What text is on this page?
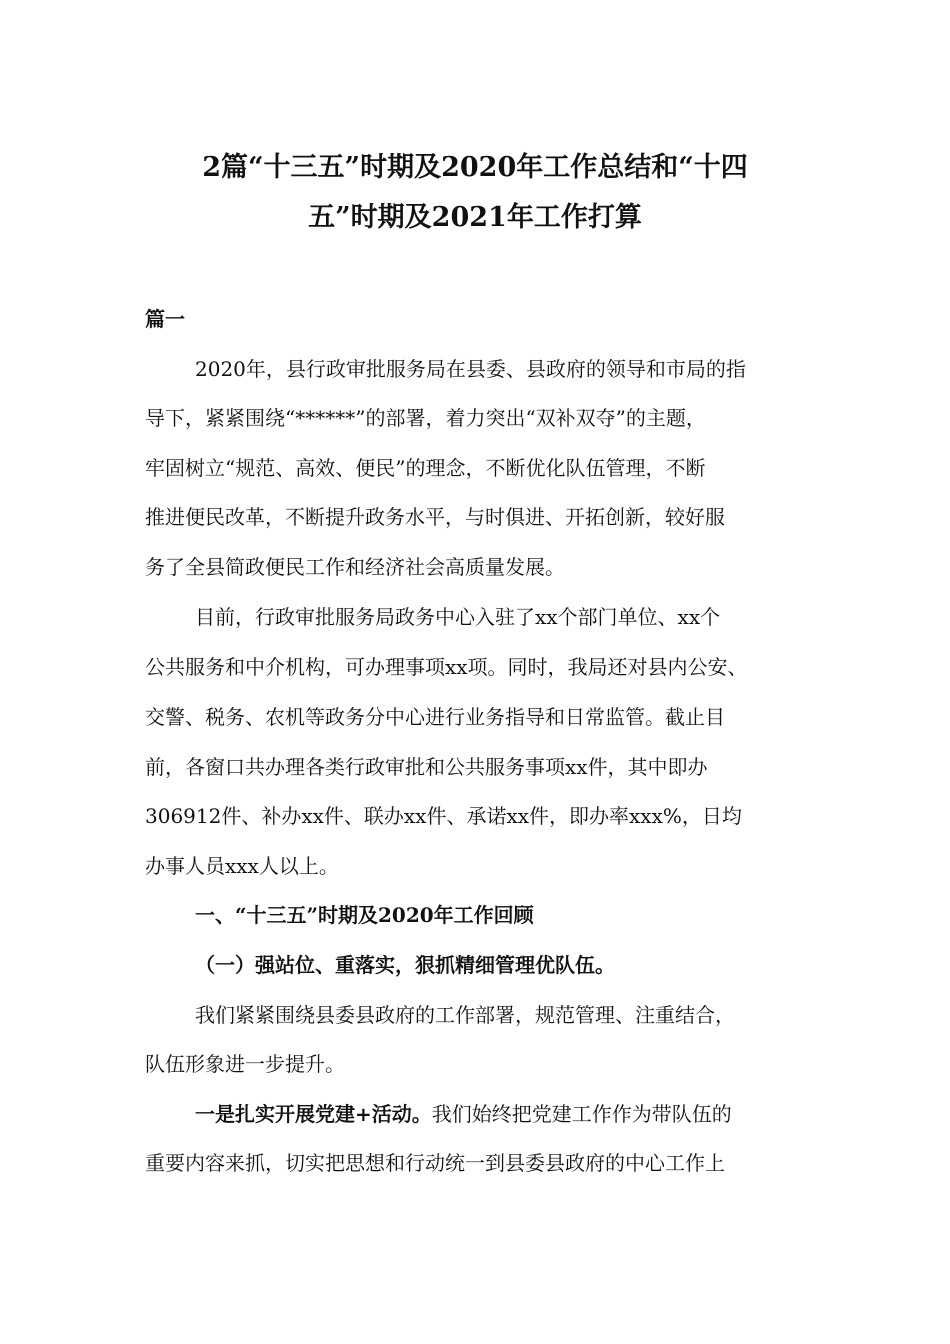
2篇“十三五”时期及2020年工作总结和“十四
五”时期及2021年工作打算
篇一
2020年，县行政审批服务局在县委、县政府的领导和市局的指
导下，紧紧围绕“******”的部署，着力突出“双补双夺”的主题，
牢固树立“规范、高效、便民”的理念，不断优化队伍管理，不断
推进便民改革，不断提升政务水平，与时俱进、开拓创新，较好服
务了全县简政便民工作和经济社会高质量发展。
目前，行政审批服务局政务中心入驻了xx个部门单位、xx个
公共服务和中介机构，可办理事项xx项。同时，我局还对县内公安、
交警、税务、农机等政务分中心进行业务指导和日常监管。截止目
前，各窗口共办理各类行政审批和公共服务事项xx件，其中即办
306912件、补办xx件、联办xx件、承诺xx件，即办率xxx%，日均
办事人员xxx人以上。
一、“十三五”时期及2020年工作回顾
（一）强站位、重落实，狠抓精细管理优队伍。
我们紧紧围绕县委县政府的工作部署，规范管理、注重结合，
队伍形象进一步提升。
一是扎实开展党建+活动。我们始终把党建工作作为带队伍的
重要内容来抓，切实把思想和行动统一到县委县政府的中心工作上
